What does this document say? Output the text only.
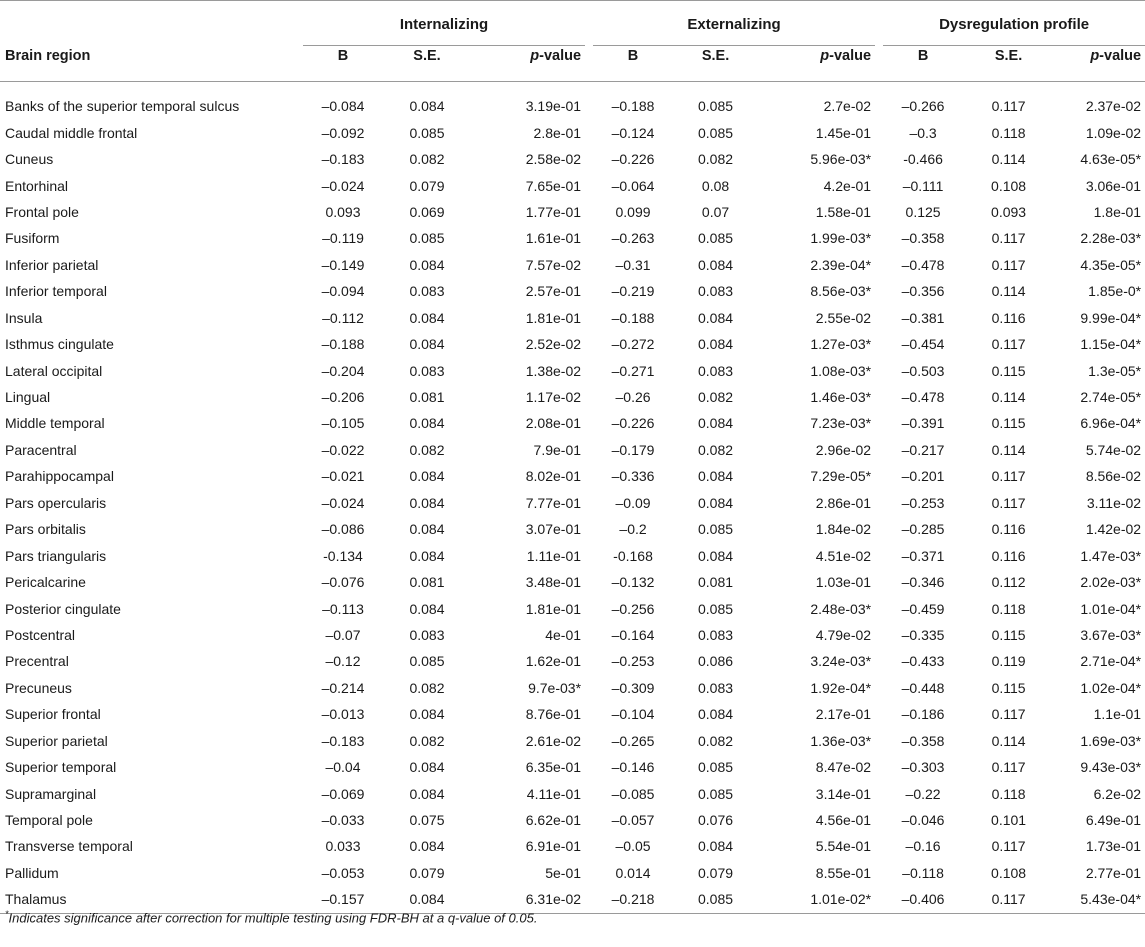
	Internalizing				Externalizing				Dysregulation profile		

Brain region	B	S.E.	p-value		B	S.E.	p-value		B	S.E.	p-value

Banks of the superior temporal sulcus	–0.084	0.084	3.19e-01		–0.188	0.085	2.7e-02		–0.266	0.117	2.37e-02
Caudal middle frontal	–0.092	0.085	2.8e-01		–0.124	0.085	1.45e-01		–0.3	0.118	1.09e-02
Cuneus	–0.183	0.082	2.58e-02		–0.226	0.082	5.96e-03*		-0.466	0.114	4.63e-05*
Entorhinal	–0.024	0.079	7.65e-01		–0.064	0.08	4.2e-01		–0.111	0.108	3.06e-01
Frontal pole	0.093	0.069	1.77e-01		0.099	0.07	1.58e-01		0.125	0.093	1.8e-01
Fusiform	–0.119	0.085	1.61e-01		–0.263	0.085	1.99e-03*		–0.358	0.117	2.28e-03*
Inferior parietal	–0.149	0.084	7.57e-02		–0.31	0.084	2.39e-04*		–0.478	0.117	4.35e-05*
Inferior temporal	–0.094	0.083	2.57e-01		–0.219	0.083	8.56e-03*		–0.356	0.114	1.85e-0*
Insula	–0.112	0.084	1.81e-01		–0.188	0.084	2.55e-02		–0.381	0.116	9.99e-04*
Isthmus cingulate	–0.188	0.084	2.52e-02		–0.272	0.084	1.27e-03*		–0.454	0.117	1.15e-04*
Lateral occipital	–0.204	0.083	1.38e-02		–0.271	0.083	1.08e-03*		–0.503	0.115	1.3e-05*
Lingual	–0.206	0.081	1.17e-02		–0.26	0.082	1.46e-03*		–0.478	0.114	2.74e-05*
Middle temporal	–0.105	0.084	2.08e-01		–0.226	0.084	7.23e-03*		–0.391	0.115	6.96e-04*
Paracentral	–0.022	0.082	7.9e-01		–0.179	0.082	2.96e-02		–0.217	0.114	5.74e-02
Parahippocampal	–0.021	0.084	8.02e-01		–0.336	0.084	7.29e-05*		–0.201	0.117	8.56e-02
Pars opercularis	–0.024	0.084	7.77e-01		–0.09	0.084	2.86e-01		–0.253	0.117	3.11e-02
Pars orbitalis	–0.086	0.084	3.07e-01		–0.2	0.085	1.84e-02		–0.285	0.116	1.42e-02
Pars triangularis	-0.134	0.084	1.11e-01		-0.168	0.084	4.51e-02		–0.371	0.116	1.47e-03*
Pericalcarine	–0.076	0.081	3.48e-01		–0.132	0.081	1.03e-01		–0.346	0.112	2.02e-03*
Posterior cingulate	–0.113	0.084	1.81e-01		–0.256	0.085	2.48e-03*		–0.459	0.118	1.01e-04*
Postcentral	–0.07	0.083	4e-01		–0.164	0.083	4.79e-02		–0.335	0.115	3.67e-03*
Precentral	–0.12	0.085	1.62e-01		–0.253	0.086	3.24e-03*		–0.433	0.119	2.71e-04*
Precuneus	–0.214	0.082	9.7e-03*		–0.309	0.083	1.92e-04*		–0.448	0.115	1.02e-04*
Superior frontal	–0.013	0.084	8.76e-01		–0.104	0.084	2.17e-01		–0.186	0.117	1.1e-01
Superior parietal	–0.183	0.082	2.61e-02		–0.265	0.082	1.36e-03*		–0.358	0.114	1.69e-03*
Superior temporal	–0.04	0.084	6.35e-01		–0.146	0.085	8.47e-02		–0.303	0.117	9.43e-03*
Supramarginal	–0.069	0.084	4.11e-01		–0.085	0.085	3.14e-01		–0.22	0.118	6.2e-02
Temporal pole	–0.033	0.075	6.62e-01		–0.057	0.076	4.56e-01		–0.046	0.101	6.49e-01
Transverse temporal	0.033	0.084	6.91e-01		–0.05	0.084	5.54e-01		–0.16	0.117	1.73e-01
Pallidum	–0.053	0.079	5e-01		0.014	0.079	8.55e-01		–0.118	0.108	2.77e-01
Thalamus	–0.157	0.084	6.31e-02		–0.218	0.085	1.01e-02*		–0.406	0.117	5.43e-04*
*Indicates significance after correction for multiple testing using FDR-BH at a q-value of 0.05.
